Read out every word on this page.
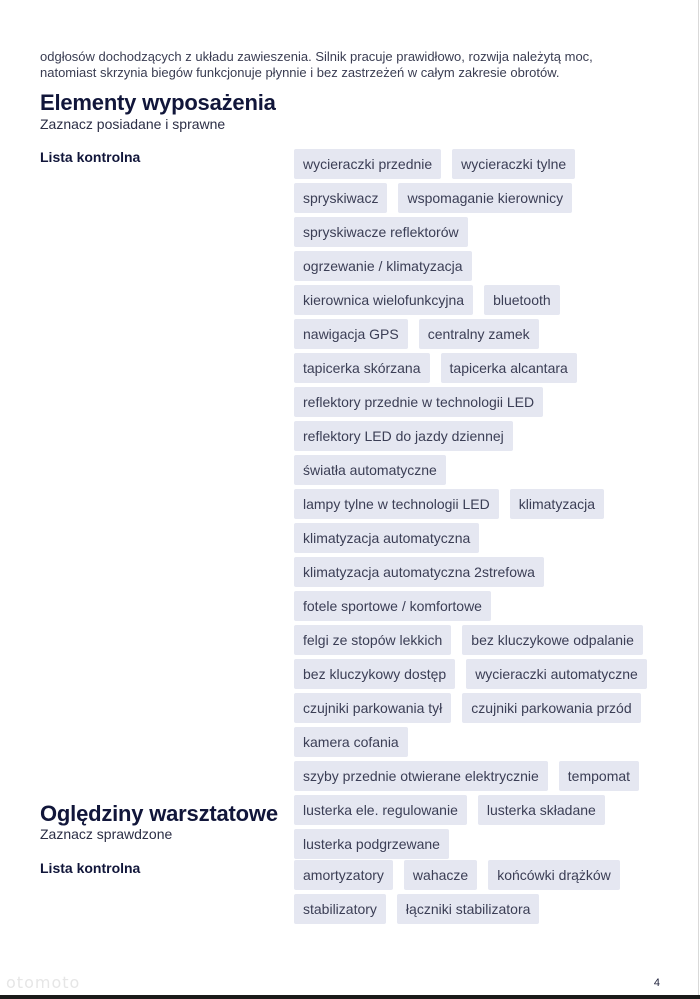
odgłosów dochodzących z układu zawieszenia. Silnik pracuje prawidłowo, rozwija należytą moc, natomiast skrzynia biegów funkcjonuje płynnie i bez zastrzeżeń w całym zakresie obrotów.
Elementy wyposażenia
Zaznacz posiadane i sprawne
Lista kontrolna	wycieraczki przednie	wycieraczki tylne
spryskiwacz	wspomaganie kierownicy
spryskiwacze reflektorów
ogrzewanie / klimatyzacja
kierownica wielofunkcyjna	bluetooth
nawigacja GPS	centralny zamek
tapicerka skórzana	tapicerka alcantara
reflektory przednie w technologii LED
reflektory LED do jazdy dziennej
światła automatyczne
lampy tylne w technologii LED	klimatyzacja
klimatyzacja automatyczna
klimatyzacja automatyczna 2strefowa
fotele sportowe / komfortowe
felgi ze stopów lekkich	bez kluczykowe odpalanie
bez kluczykowy dostęp	wycieraczki automatyczne
czujniki parkowania tył	czujniki parkowania przód
kamera cofania
szyby przednie otwierane elektrycznie	tempomat
lusterka ele. regulowanie	lusterka składane
lusterka podgrzewane
Oględziny warsztatowe
Zaznacz sprawdzone
Lista kontrolna	amortyzatory	wahacze	końcówki drążków
stabilizatory	łączniki stabilizatora
otomoto	4
